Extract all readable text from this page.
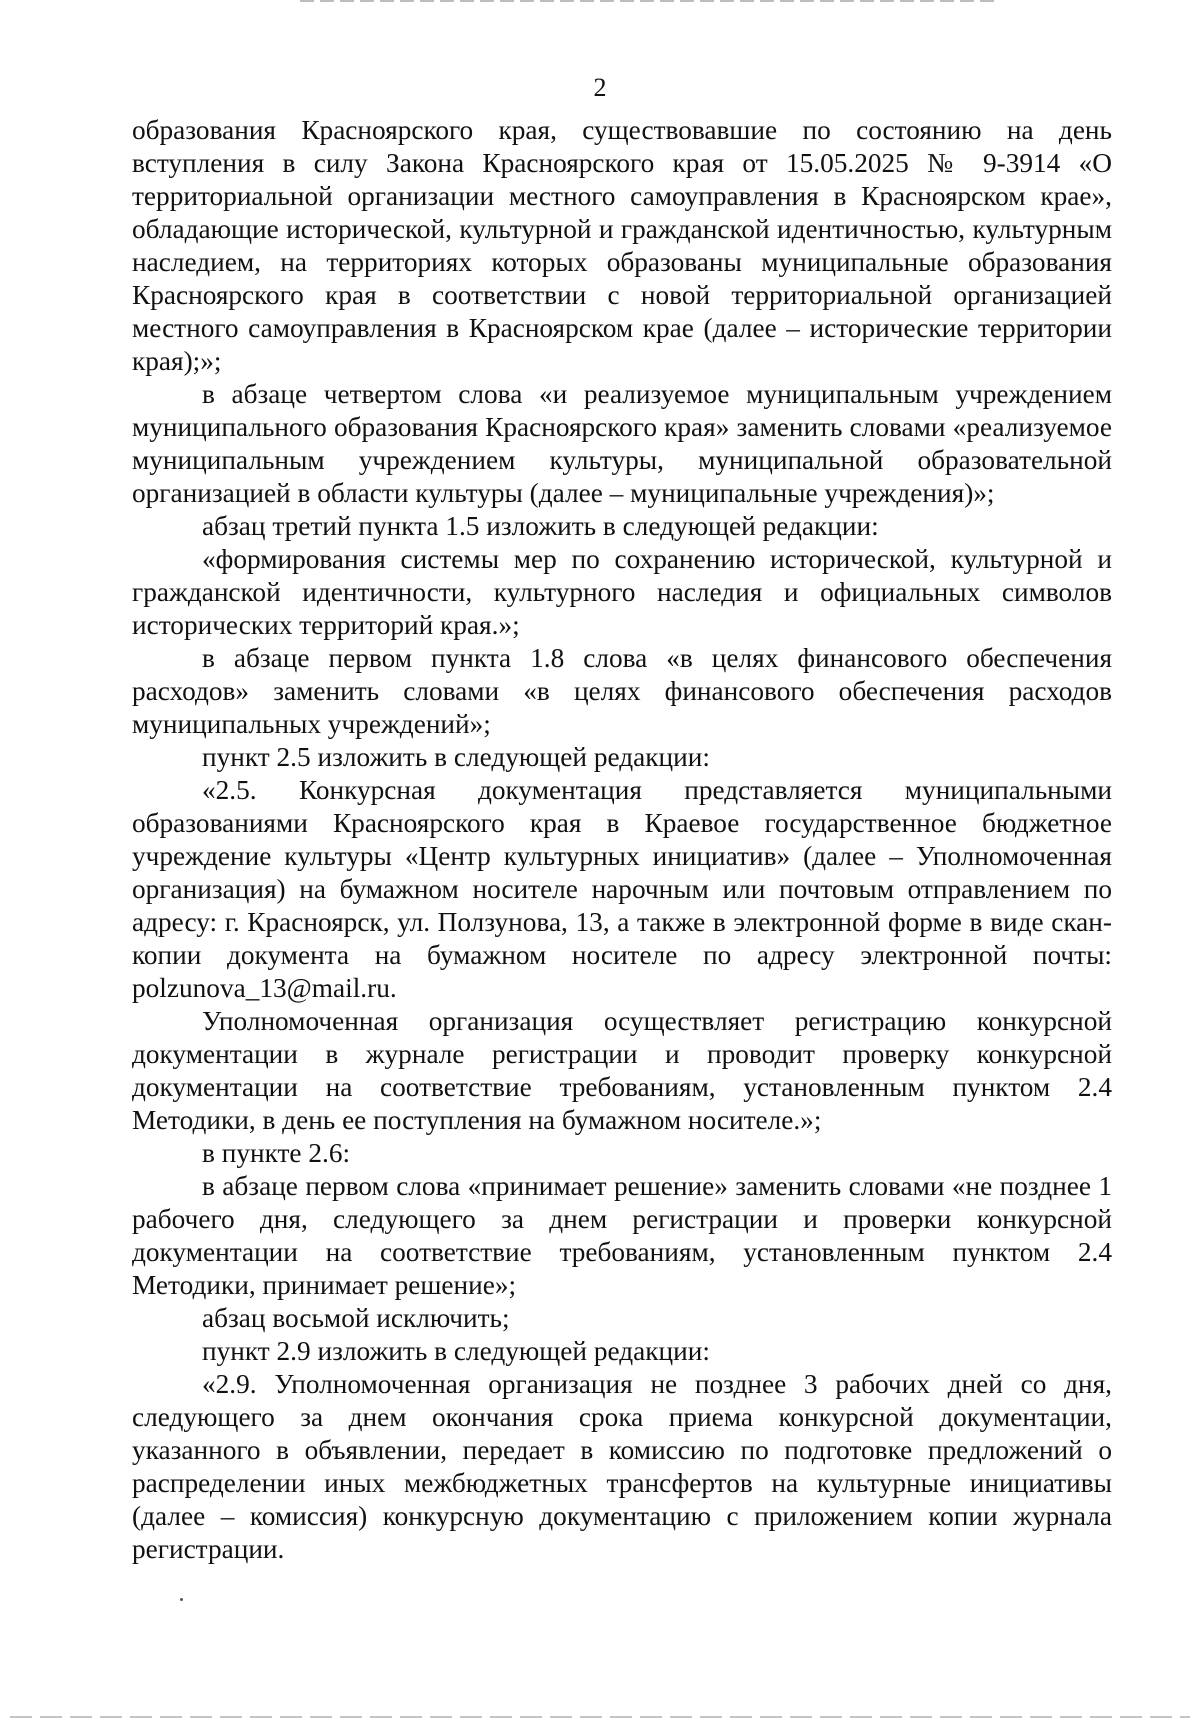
2

образования Красноярского края, существовавшие по состоянию на день вступления в силу Закона Красноярского края от 15.05.2025 № 9-3914 «О территориальной организации местного самоуправления в Красноярском крае», обладающие исторической, культурной и гражданской идентичностью, культурным наследием, на территориях которых образованы муниципальные образования Красноярского края в соответствии с новой территориальной организацией местного самоуправления в Красноярском крае (далее – исторические территории края);»;

в абзаце четвертом слова «и реализуемое муниципальным учреждением муниципального образования Красноярского края» заменить словами «реализуемое муниципальным учреждением культуры, муниципальной образовательной организацией в области культуры (далее – муниципальные учреждения)»;

абзац третий пункта 1.5 изложить в следующей редакции:

«формирования системы мер по сохранению исторической, культурной и гражданской идентичности, культурного наследия и официальных символов исторических территорий края.»;

в абзаце первом пункта 1.8 слова «в целях финансового обеспечения расходов» заменить словами «в целях финансового обеспечения расходов муниципальных учреждений»;

пункт 2.5 изложить в следующей редакции:

«2.5. Конкурсная документация представляется муниципальными образованиями Красноярского края в Краевое государственное бюджетное учреждение культуры «Центр культурных инициатив» (далее – Уполномоченная организация) на бумажном носителе нарочным или почтовым отправлением по адресу: г. Красноярск, ул. Ползунова, 13, а также в электронной форме в виде скан-копии документа на бумажном носителе по адресу электронной почты: polzunova_13@mail.ru.

Уполномоченная организация осуществляет регистрацию конкурсной документации в журнале регистрации и проводит проверку конкурсной документации на соответствие требованиям, установленным пунктом 2.4 Методики, в день ее поступления на бумажном носителе.»;

в пункте 2.6:

в абзаце первом слова «принимает решение» заменить словами «не позднее 1 рабочего дня, следующего за днем регистрации и проверки конкурсной документации на соответствие требованиям, установленным пунктом 2.4 Методики, принимает решение»;

абзац восьмой исключить;

пункт 2.9 изложить в следующей редакции:

«2.9. Уполномоченная организация не позднее 3 рабочих дней со дня, следующего за днем окончания срока приема конкурсной документации, указанного в объявлении, передает в комиссию по подготовке предложений о распределении иных межбюджетных трансфертов на культурные инициативы (далее – комиссия) конкурсную документацию с приложением копии журнала регистрации.
